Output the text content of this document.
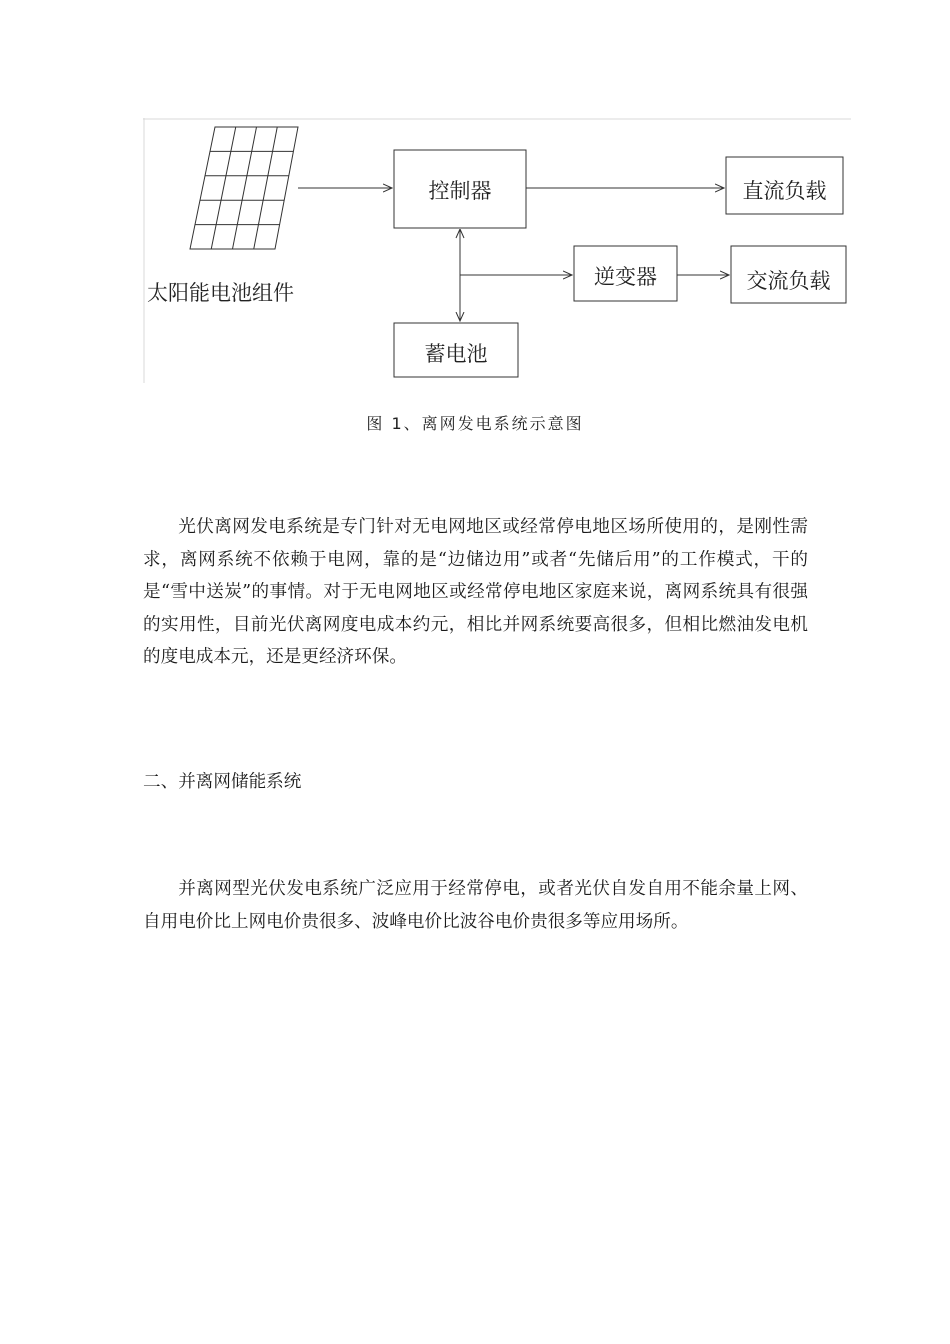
太阳能电池组件
控制器	直流负载
逆变器	交流负载
蓄电池
图 1、离网发电系统示意图

光伏离网发电系统是专门针对无电网地区或经常停电地区场所使用的，是刚性需求，离网系统不依赖于电网，靠的是“边储边用”或者“先储后用”的工作模式，干的是“雪中送炭”的事情。对于无电网地区或经常停电地区家庭来说，离网系统具有很强的实用性，目前光伏离网度电成本约元，相比并网系统要高很多，但相比燃油发电机的度电成本元，还是更经济环保。

二、并离网储能系统

并离网型光伏发电系统广泛应用于经常停电，或者光伏自发自用不能余量上网、自用电价比上网电价贵很多、波峰电价比波谷电价贵很多等应用场所。
